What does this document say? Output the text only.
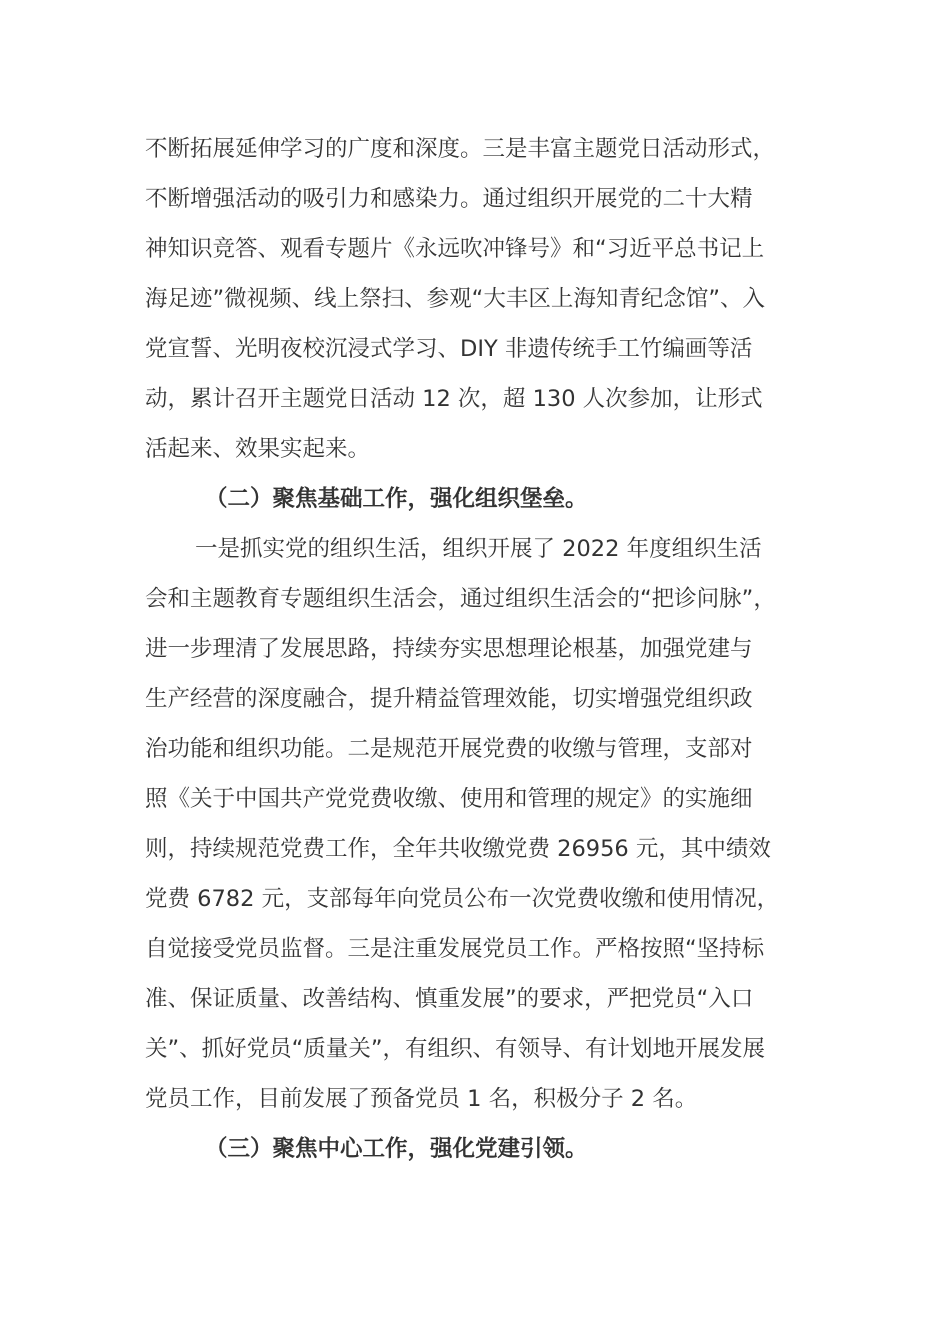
不断拓展延伸学习的广度和深度。三是丰富主题党日活动形式，
不断增强活动的吸引力和感染力。通过组织开展党的二十大精
神知识竞答、观看专题片《永远吹冲锋号》和“习近平总书记上
海足迹”微视频、线上祭扫、参观“大丰区上海知青纪念馆”、入
党宣誓、光明夜校沉浸式学习、DIY 非遗传统手工竹编画等活
动，累计召开主题党日活动 12 次，超 130 人次参加，让形式
活起来、效果实起来。
（二）聚焦基础工作，强化组织堡垒。
一是抓实党的组织生活，组织开展了 2022 年度组织生活
会和主题教育专题组织生活会，通过组织生活会的“把诊问脉”，
进一步理清了发展思路，持续夯实思想理论根基，加强党建与
生产经营的深度融合，提升精益管理效能，切实增强党组织政
治功能和组织功能。二是规范开展党费的收缴与管理，支部对
照《关于中国共产党党费收缴、使用和管理的规定》的实施细
则，持续规范党费工作，全年共收缴党费 26956 元，其中绩效
党费 6782 元，支部每年向党员公布一次党费收缴和使用情况，
自觉接受党员监督。三是注重发展党员工作。严格按照“坚持标
准、保证质量、改善结构、慎重发展”的要求，严把党员“入口
关”、抓好党员“质量关”，有组织、有领导、有计划地开展发展
党员工作，目前发展了预备党员 1 名，积极分子 2 名。
（三）聚焦中心工作，强化党建引领。
